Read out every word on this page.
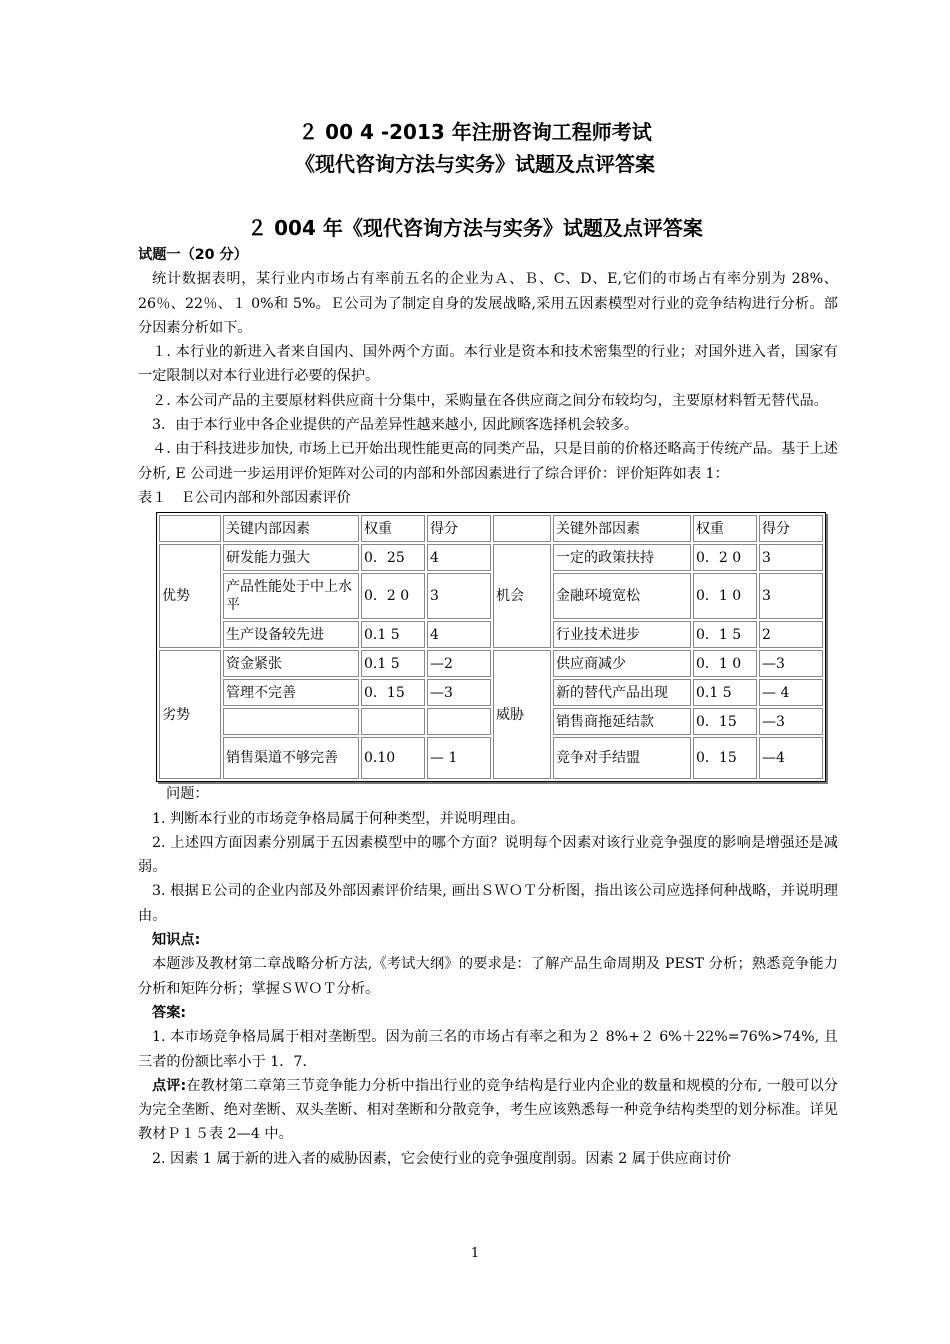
２ 00 4 -2013 年注册咨询工程师考试
《现代咨询方法与实务》试题及点评答案
２ 004 年《现代咨询方法与实务》试题及点评答案

试题一（20 分）

统计数据表明，某行业内市场占有率前五名的企业为Ａ、Ｂ、C、D、E,它们的市场占有率分别为 28%、26％、22％、１ 0%和 5%。Ｅ公司为了制定自身的发展战略,采用五因素模型对行业的竞争结构进行分析。部分因素分析如下。

１. 本行业的新进入者来自国内、国外两个方面。本行业是资本和技术密集型的行业；对国外进入者，国家有一定限制以对本行业进行必要的保护。

２. 本公司产品的主要原材料供应商十分集中，采购量在各供应商之间分布较均匀，主要原材料暂无替代品。

3．由于本行业中各企业提供的产品差异性越来越小, 因此顾客选择机会较多。

４. 由于科技进步加快, 市场上已开始出现性能更高的同类产品，只是目前的价格还略高于传统产品。基于上述分析, E 公司进一步运用评价矩阵对公司的内部和外部因素进行了综合评价：评价矩阵如表 1：

表１　Ｅ公司内部和外部因素评价

	关键内部因素	权重	得分		关键外部因素	权重	得分
优势	研发能力强大	0．25	4	机会	一定的政策扶持	0．2 0	3
	产品性能处于中上水平	0．2 0	3		金融环境宽松	0．1 0	3
	生产设备较先进	0.1 5	4		行业技术进步	0．1 5	2
劣势	资金紧张	0.1 5	—2	威胁	供应商减少	0．1 0	—3
	管理不完善	0．15	—3		新的替代产品出现	0.1 5	— 4
					销售商拖延结款	0．15	—3
	销售渠道不够完善	0.10	— 1		竞争对手结盟	0．15	—4

问题：

1. 判断本行业的市场竞争格局属于何种类型，并说明理由。

2. 上述四方面因素分别属于五因素模型中的哪个方面？说明每个因素对该行业竞争强度的影响是增强还是减弱。

3. 根据Ｅ公司的企业内部及外部因素评价结果, 画出ＳＷＯＴ分析图，指出该公司应选择何种战略，并说明理由。

知识点:

本题涉及教材第二章战略分析方法,《考试大纲》的要求是：了解产品生命周期及 PEST 分析；熟悉竞争能力分析和矩阵分析；掌握ＳＷＯＴ分析。

答案:

1. 本市场竞争格局属于相对垄断型。因为前三名的市场占有率之和为２ 8%+２ 6%＋22%=76%>74%, 且三者的份额比率小于 1．7．

点评:在教材第二章第三节竞争能力分析中指出行业的竞争结构是行业内企业的数量和规模的分布, 一般可以分为完全垄断、绝对垄断、双头垄断、相对垄断和分散竞争，考生应该熟悉每一种竞争结构类型的划分标准。详见教材Ｐ１５表 2—4 中。

2. 因素 1 属于新的进入者的威胁因素，它会使行业的竞争强度削弱。因素 2 属于供应商讨价

1
